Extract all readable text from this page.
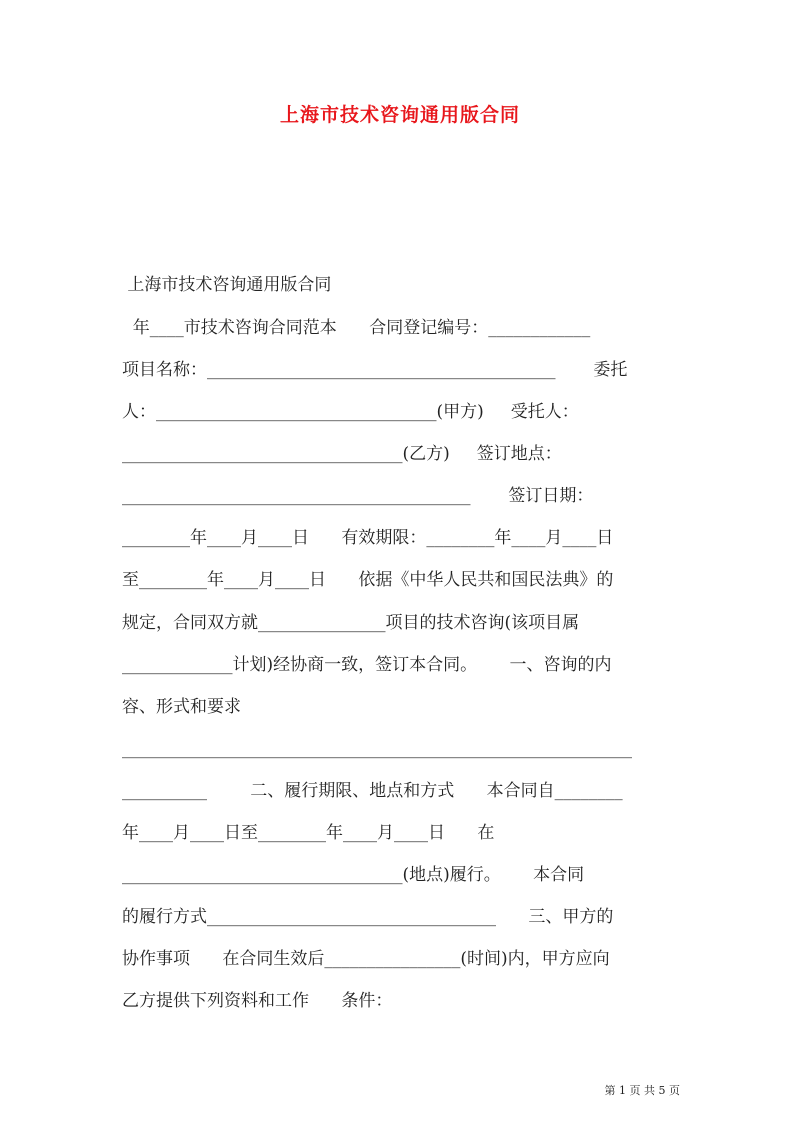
上海市技术咨询通用版合同
上海市技术咨询通用版合同
年____市技术咨询合同范本      合同登记编号：____________
项目名称：_________________________________________       委托
人：_________________________________(甲方)     受托人：
_________________________________(乙方)     签订地点：
_________________________________________       签订日期：
________年____月____日      有效期限：________年____月____日
至________年____月____日      依据《中华人民共和国民法典》的
规定，合同双方就_______________项目的技术咨询(该项目属
_____________计划)经协商一致，签订本合同。      一、咨询的内
容、形式和要求
____________________________________________________________
__________        二、履行期限、地点和方式      本合同自________
年____月____日至________年____月____日      在
_________________________________(地点)履行。      本合同
的履行方式__________________________________      三、甲方的
协作事项      在合同生效后________________(时间)内，甲方应向
乙方提供下列资料和工作      条件：
第 1 页 共 5 页
